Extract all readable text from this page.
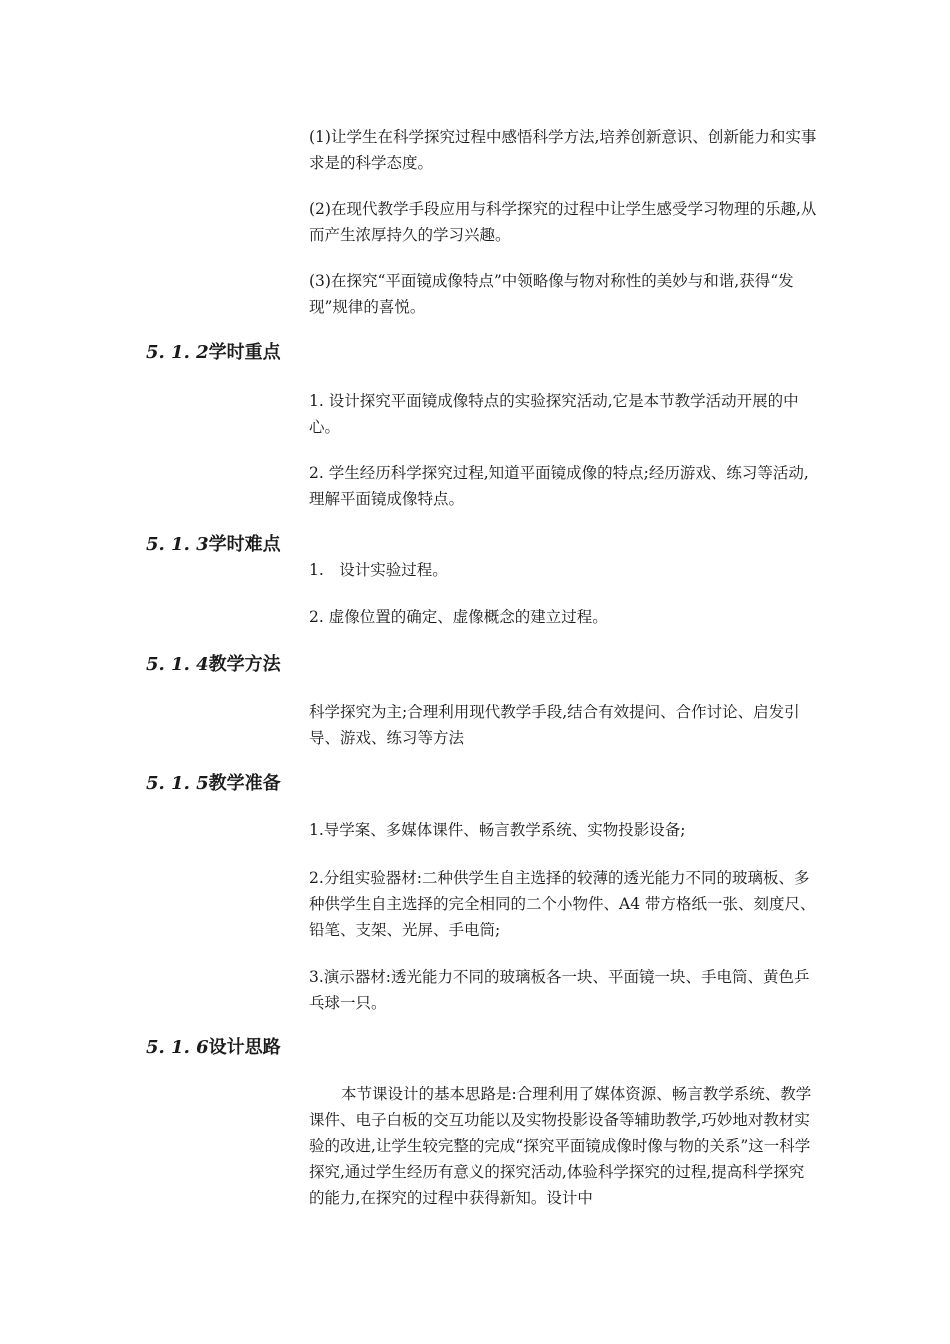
(1)让学生在科学探究过程中感悟科学方法,培养创新意识、创新能力和实事求是的科学态度。

(2)在现代教学手段应用与科学探究的过程中让学生感受学习物理的乐趣,从而产生浓厚持久的学习兴趣。

(3)在探究“平面镜成像特点”中领略像与物对称性的美妙与和谐,获得“发现”规律的喜悦。

5. 1. 2学时重点

1. 设计探究平面镜成像特点的实验探究活动,它是本节教学活动开展的中心。

2. 学生经历科学探究过程,知道平面镜成像的特点;经历游戏、练习等活动,理解平面镜成像特点。

5. 1. 3学时难点

1.　设计实验过程。

2. 虚像位置的确定、虚像概念的建立过程。

5. 1. 4教学方法

科学探究为主;合理利用现代教学手段,结合有效提问、合作讨论、启发引导、游戏、练习等方法

5. 1. 5教学准备

1.导学案、多媒体课件、畅言教学系统、实物投影设备;

2.分组实验器材:二种供学生自主选择的较薄的透光能力不同的玻璃板、多种供学生自主选择的完全相同的二个小物件、A4 带方格纸一张、刻度尺、铅笔、支架、光屏、手电筒;

3.演示器材:透光能力不同的玻璃板各一块、平面镜一块、手电筒、黄色乒乓球一只。

5. 1. 6设计思路

本节课设计的基本思路是:合理利用了媒体资源、畅言教学系统、教学课件、电子白板的交互功能以及实物投影设备等辅助教学,巧妙地对教材实验的改进,让学生较完整的完成“探究平面镜成像时像与物的关系”这一科学探究,通过学生经历有意义的探究活动,体验科学探究的过程,提高科学探究的能力,在探究的过程中获得新知。设计中
